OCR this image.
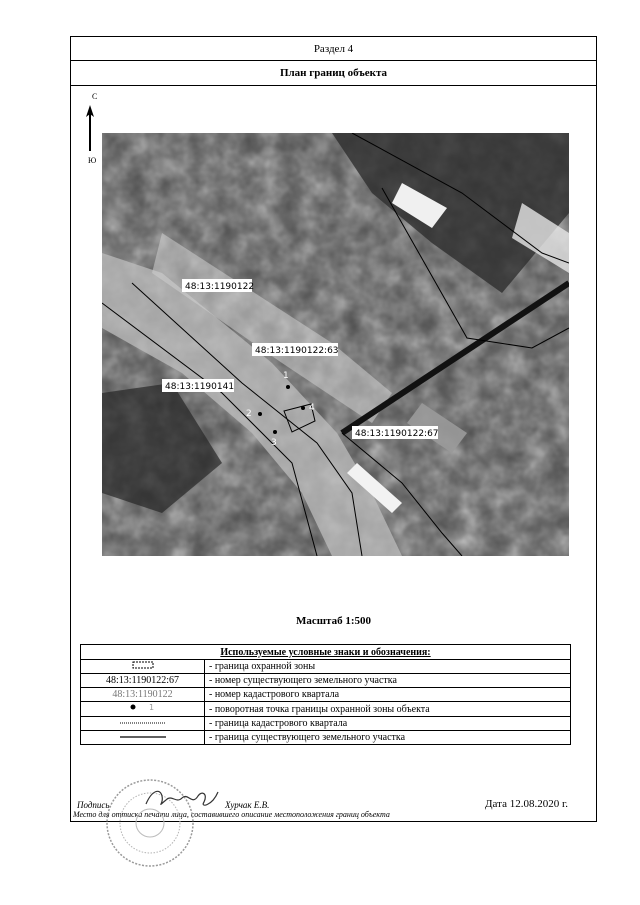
Раздел 4
План границ объекта
С
Ю
48:13:1190122
48:13:1190122:63
48:13:1190141
48:13:1190122:67
1
2
3
4
Масштаб 1:500
Используемые условные знаки и обозначения:	
	- граница охранной зоны
48:13:1190122:67	- номер существующего земельного участка
48:13:1190122	- номер кадастрового квартала

1	- поворотная точка границы охранной зоны объекта
	- граница кадастрового квартала
	- граница существующего земельного участка
Подпись	Хурчак Е.В.	Дата 12.08.2020 г.
Место для оттиска печати лица, составившего описание местоположения границ объекта
